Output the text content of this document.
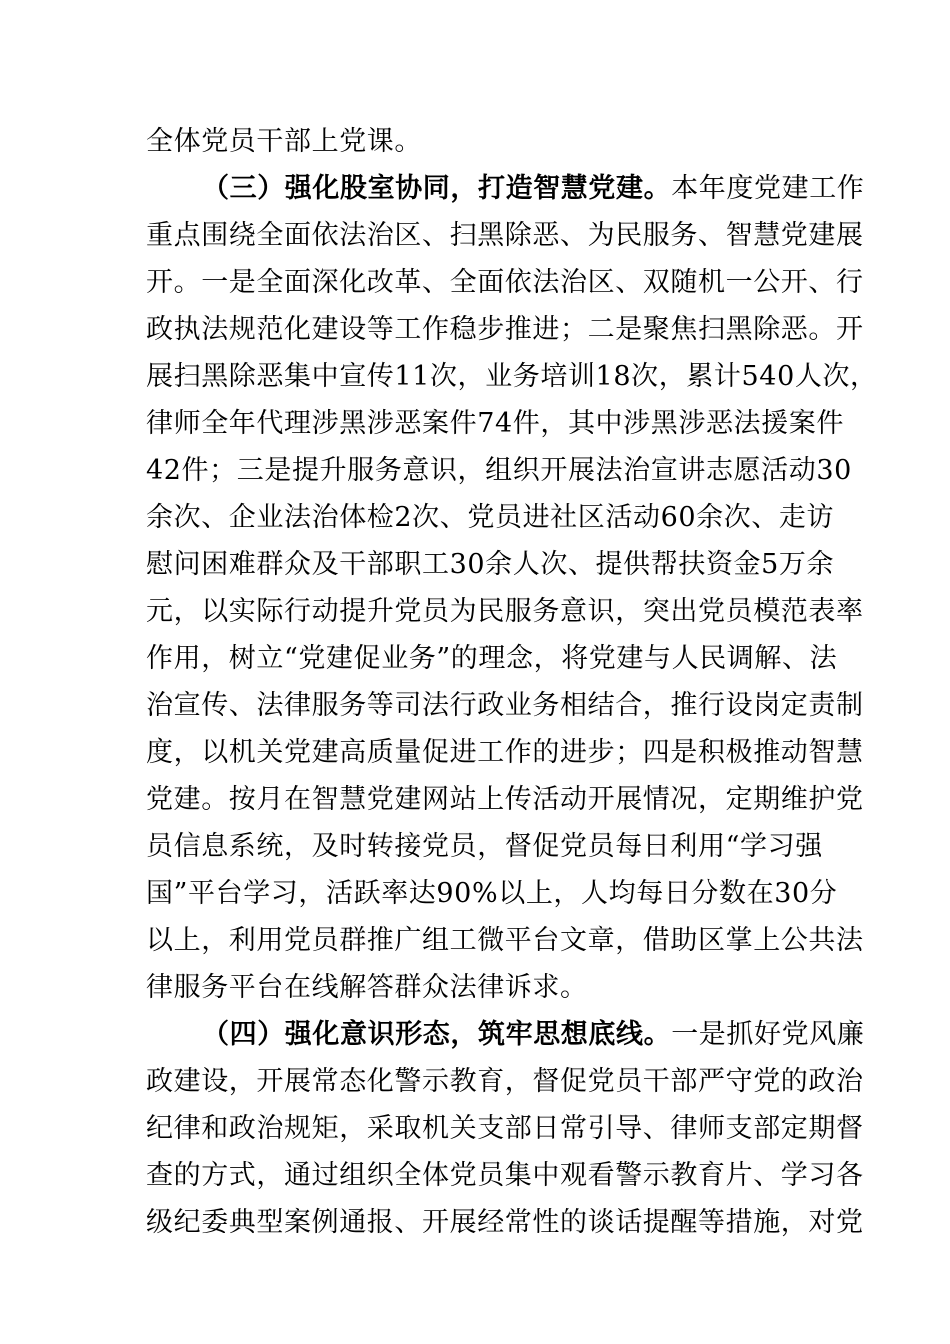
全体党员干部上党课。
（三）强化股室协同，打造智慧党建。本年度党建工作
重点围绕全面依法治区、扫黑除恶、为民服务、智慧党建展
开。一是全面深化改革、全面依法治区、双随机一公开、行
政执法规范化建设等工作稳步推进；二是聚焦扫黑除恶。开
展扫黑除恶集中宣传11次，业务培训18次，累计540人次，
律师全年代理涉黑涉恶案件74件，其中涉黑涉恶法援案件
42件；三是提升服务意识，组织开展法治宣讲志愿活动30
余次、企业法治体检2次、党员进社区活动60余次、走访
慰问困难群众及干部职工30余人次、提供帮扶资金5万余
元，以实际行动提升党员为民服务意识，突出党员模范表率
作用，树立“党建促业务”的理念，将党建与人民调解、法
治宣传、法律服务等司法行政业务相结合，推行设岗定责制
度，以机关党建高质量促进工作的进步；四是积极推动智慧
党建。按月在智慧党建网站上传活动开展情况，定期维护党
员信息系统，及时转接党员，督促党员每日利用“学习强
国”平台学习，活跃率达90%以上，人均每日分数在30分
以上，利用党员群推广组工微平台文章，借助区掌上公共法
律服务平台在线解答群众法律诉求。
（四）强化意识形态，筑牢思想底线。一是抓好党风廉
政建设，开展常态化警示教育，督促党员干部严守党的政治
纪律和政治规矩，采取机关支部日常引导、律师支部定期督
查的方式，通过组织全体党员集中观看警示教育片、学习各
级纪委典型案例通报、开展经常性的谈话提醒等措施，对党
